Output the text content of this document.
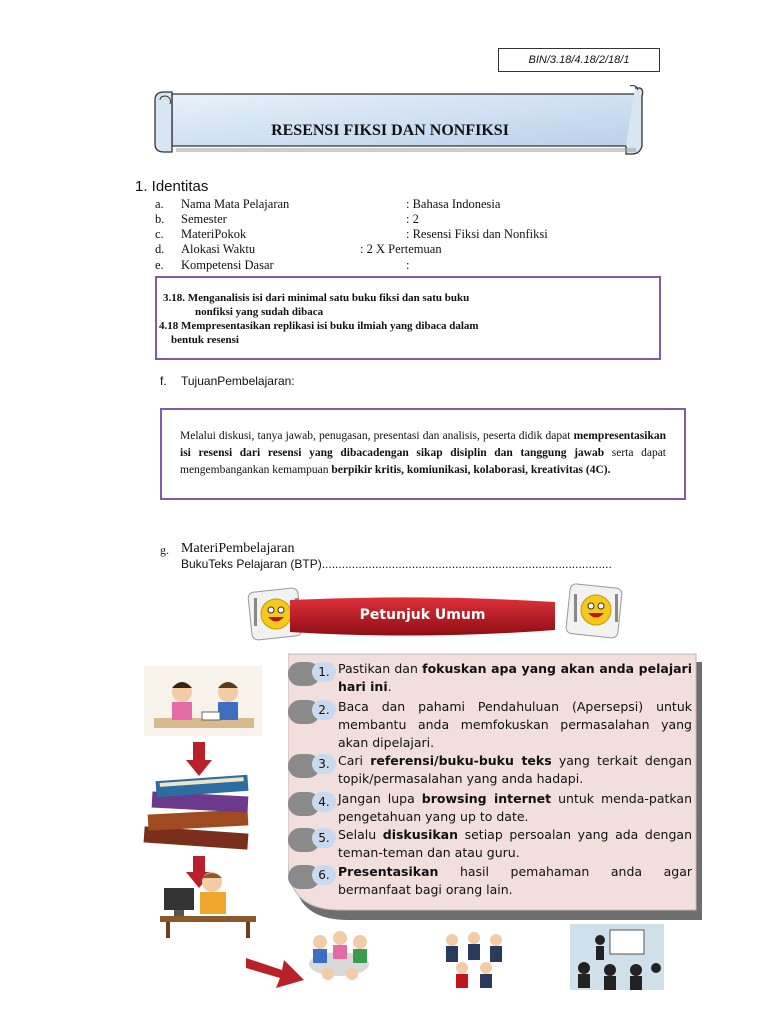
BIN/3.18/4.18/2/18/1
RESENSI FIKSI DAN NONFIKSI
1. Identitas
a. Nama Mata Pelajaran	: Bahasa Indonesia
b. Semester	: 2
c. MateriPokok	: Resensi Fiksi dan Nonfiksi
d. Alokasi Waktu	: 2 X Pertemuan
e. Kompetensi Dasar	:
3.18. Menganalisis isi dari minimal satu buku fiksi dan satu buku
nonfiksi yang sudah dibaca
4.18 Mempresentasikan replikasi isi buku ilmiah yang dibaca dalam
bentuk resensi
f. TujuanPembelajaran:

Melalui diskusi, tanya jawab, penugasan, presentasi dan analisis, peserta didik dapat mempresentasikan isi resensi dari resensi yang dibacadengan sikap disiplin dan tanggung jawab serta dapat mengembangankan kemampuan berpikir kritis, komiunikasi, kolaborasi, kreativitas (4C).

g. MateriPembelajaran
BukuTeks Pelajaran (BTP).......................................................................................
Petunjuk Umum
1. Pastikan dan fokuskan apa yang akan anda pelajari hari ini.
2. Baca dan pahami Pendahuluan (Apersepsi) untuk membantu anda memfokuskan permasalahan yang akan dipelajari.
3. Cari referensi/buku-buku teks yang terkait dengan topik/permasalahan yang anda hadapi.
4. Jangan lupa browsing internet untuk menda-patkan pengetahuan yang up to date.
5. Selalu diskusikan setiap persoalan yang ada dengan teman-teman dan atau guru.
6. Presentasikan hasil pemahaman anda agar bermanfaat bagi orang lain.
